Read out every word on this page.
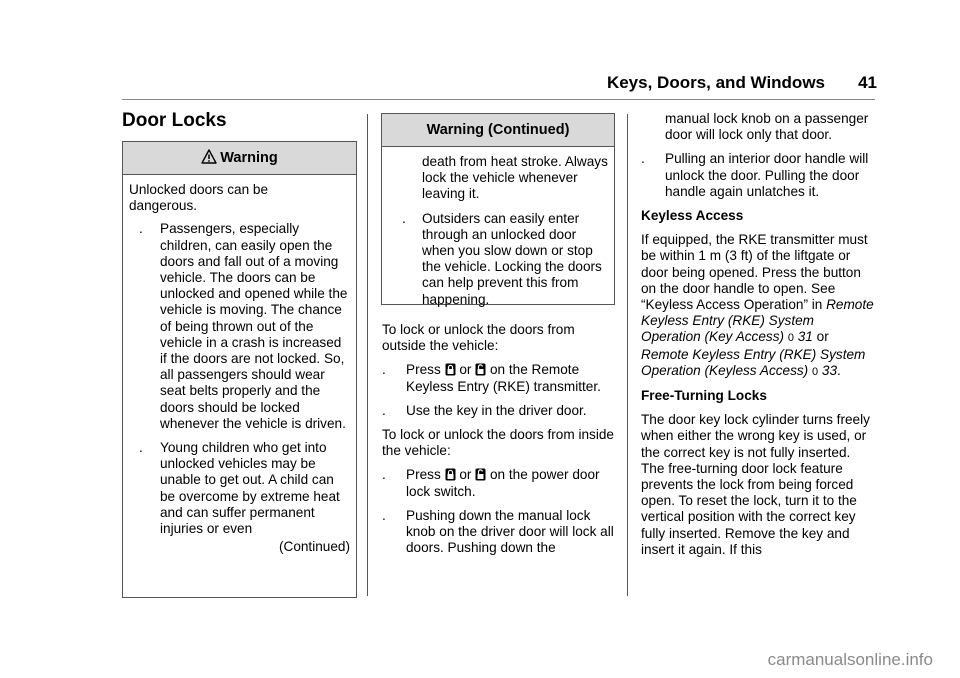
Keys, Doors, and Windows 41
Door Locks
Warning

Unlocked doors can be dangerous.

. Passengers, especially children, can easily open the doors and fall out of a moving vehicle. The doors can be unlocked and opened while the vehicle is moving. The chance of being thrown out of the vehicle in a crash is increased if the doors are not locked. So, all passengers should wear seat belts properly and the doors should be locked whenever the vehicle is driven.

. Young children who get into unlocked vehicles may be unable to get out. A child can be overcome by extreme heat and can suffer permanent injuries or even

(Continued)

Warning (Continued)

death from heat stroke. Always lock the vehicle whenever leaving it.

. Outsiders can easily enter through an unlocked door when you slow down or stop the vehicle. Locking the doors can help prevent this from happening.

To lock or unlock the doors from outside the vehicle:

. Press or on the Remote Keyless Entry (RKE) transmitter.

. Use the key in the driver door.

To lock or unlock the doors from inside the vehicle:

. Press or on the power door lock switch.

. Pushing down the manual lock knob on the driver door will lock all doors. Pushing down the

manual lock knob on a passenger door will lock only that door.

. Pulling an interior door handle will unlock the door. Pulling the door handle again unlatches it.

Keyless Access

If equipped, the RKE transmitter must be within 1 m (3 ft) of the liftgate or door being opened. Press the button on the door handle to open. See “Keyless Access Operation” in Remote Keyless Entry (RKE) System Operation (Key Access) 0 31 or Remote Keyless Entry (RKE) System Operation (Keyless Access) 0 33.

Free-Turning Locks

The door key lock cylinder turns freely when either the wrong key is used, or the correct key is not fully inserted. The free-turning door lock feature prevents the lock from being forced open. To reset the lock, turn it to the vertical position with the correct key fully inserted. Remove the key and insert it again. If this

carmanualsonline.info
